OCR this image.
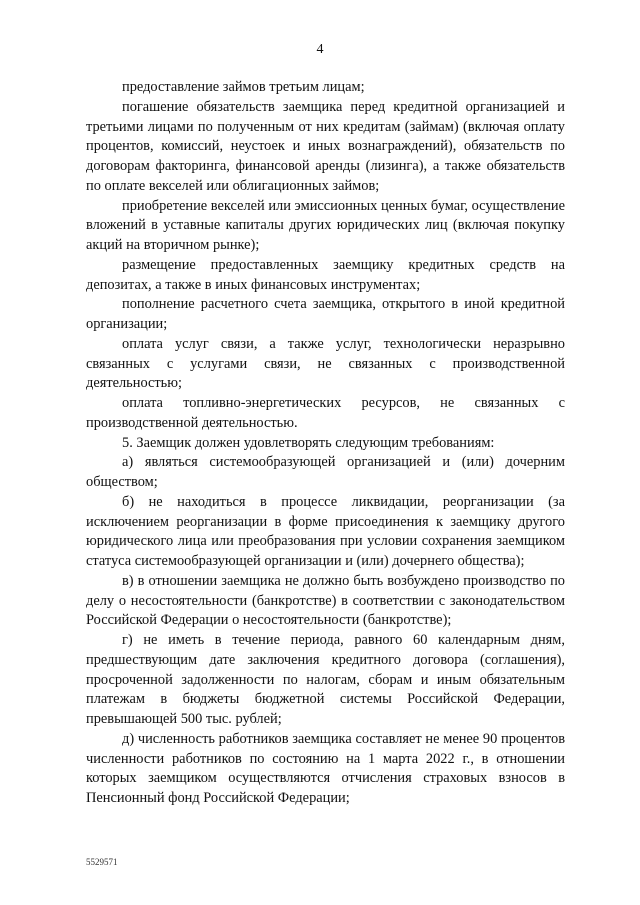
4

предоставление займов третьим лицам;

погашение обязательств заемщика перед кредитной организацией и третьими лицами по полученным от них кредитам (займам) (включая оплату процентов, комиссий, неустоек и иных вознаграждений), обязательств по договорам факторинга, финансовой аренды (лизинга), а также обязательств по оплате векселей или облигационных займов;

приобретение векселей или эмиссионных ценных бумаг, осуществление вложений в уставные капиталы других юридических лиц (включая покупку акций на вторичном рынке);

размещение предоставленных заемщику кредитных средств на депозитах, а также в иных финансовых инструментах;

пополнение расчетного счета заемщика, открытого в иной кредитной организации;

оплата услуг связи, а также услуг, технологически неразрывно связанных с услугами связи, не связанных с производственной деятельностью;

оплата топливно-энергетических ресурсов, не связанных с производственной деятельностью.

5. Заемщик должен удовлетворять следующим требованиям:

а) являться системообразующей организацией и (или) дочерним обществом;

б) не находиться в процессе ликвидации, реорганизации (за исключением реорганизации в форме присоединения к заемщику другого юридического лица или преобразования при условии сохранения заемщиком статуса системообразующей организации и (или) дочернего общества);

в) в отношении заемщика не должно быть возбуждено производство по делу о несостоятельности (банкротстве) в соответствии с законодательством Российской Федерации о несостоятельности (банкротстве);

г) не иметь в течение периода, равного 60 календарным дням, предшествующим дате заключения кредитного договора (соглашения), просроченной задолженности по налогам, сборам и иным обязательным платежам в бюджеты бюджетной системы Российской Федерации, превышающей 500 тыс. рублей;

д) численность работников заемщика составляет не менее 90 процентов численности работников по состоянию на 1 марта 2022 г., в отношении которых заемщиком осуществляются отчисления страховых взносов в Пенсионный фонд Российской Федерации;

5529571
